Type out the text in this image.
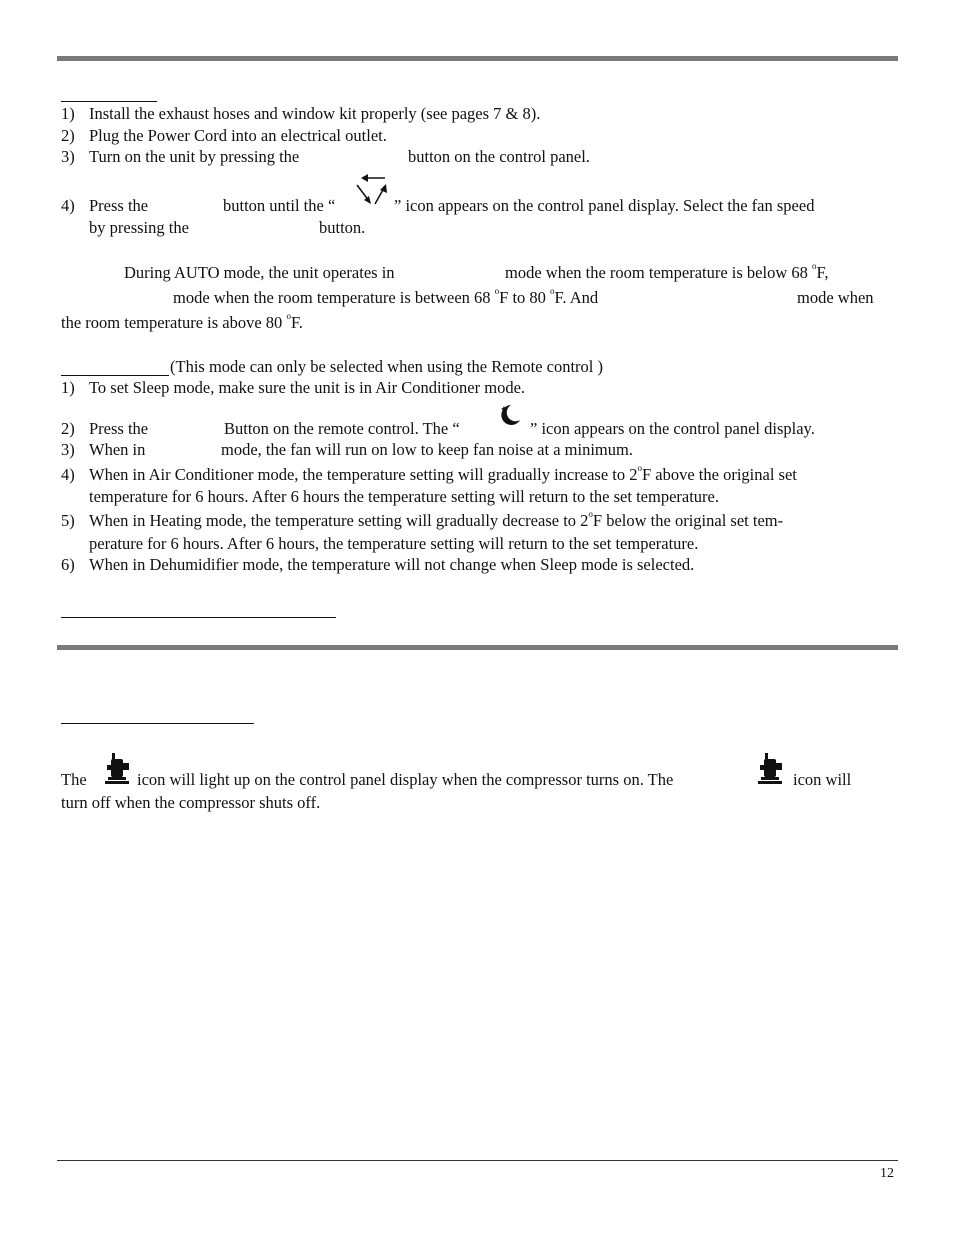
1) Install the exhaust hoses and window kit properly (see pages 7 & 8).
2) Plug the Power Cord into an electrical outlet.
3) Turn on the unit by pressing the	button on the control panel.
4) Press the	button until the “	” icon appears on the control panel display. Select the fan speed
by pressing the	button.
During AUTO mode, the unit operates in	mode when the room temperature is below 68 $^o$F,
mode when the room temperature is between 68 $^o$F to 80 $^o$F. And	mode when
the room temperature is above 80 $^o$F.
(This mode can only be selected when using the Remote control )
1) To set Sleep mode, make sure the unit is in Air Conditioner mode.
2) Press the	Button on the remote control. The “	” icon appears on the control panel display.
3) When in	mode, the fan will run on low to keep fan noise at a minimum.
4) When in Air Conditioner mode, the temperature setting will gradually increase to 2$^o$F above the original set
temperature for 6 hours. After 6 hours the temperature setting will return to the set temperature.
5) When in Heating mode, the temperature setting will gradually decrease to 2$^o$F below the original set tem-
perature for 6 hours. After 6 hours, the temperature setting will return to the set temperature.
6) When in Dehumidifier mode, the temperature will not change when Sleep mode is selected.
The	icon will light up on the control panel display when the compressor turns on. The	icon will
turn off when the compressor shuts off.
12
